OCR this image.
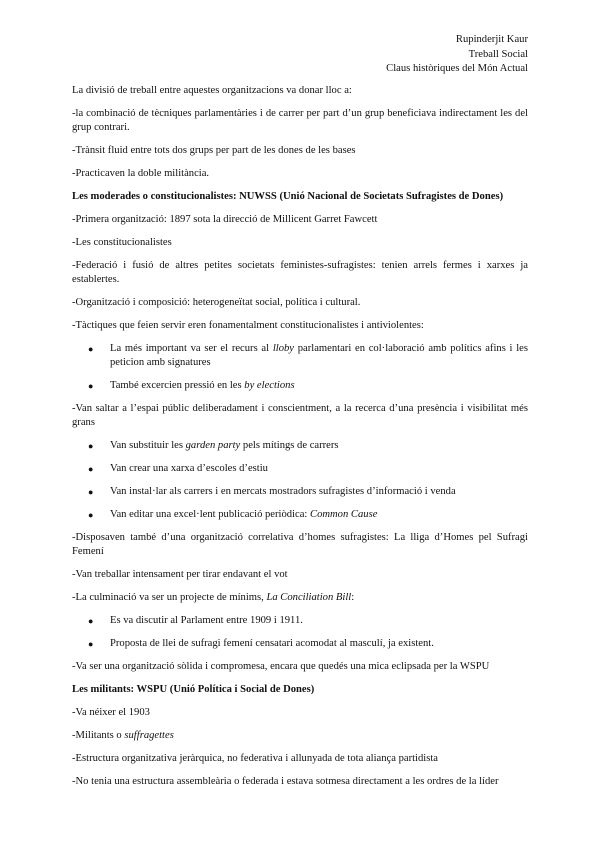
Rupinderjit Kaur
Treball Social
Claus històriques del Món Actual

La divisió de treball entre aquestes organitzacions va donar lloc a:

-la combinació de tècniques parlamentàries i de carrer per part d’un grup beneficiava indirectament les del grup contrari.

-Trànsit fluid entre tots dos grups per part de les dones de les bases

-Practicaven la doble militància.

Les moderades o constitucionalistes: NUWSS (Unió Nacional de Societats Sufragistes de Dones)

-Primera organització: 1897 sota la direcció de Millicent Garret Fawcett

-Les constitucionalistes

-Federació i fusió de altres petites societats feministes-sufragistes: tenien arrels fermes i xarxes ja establertes.

-Organització i composició: heterogeneïtat social, política i cultural.

-Tàctiques que feien servir eren fonamentalment constitucionalistes i antiviolentes:

● La més important va ser el recurs al lloby parlamentari en col·laboració amb polítics afins i les peticion amb signatures
● També excercien pressió en les by elections

-Van saltar a l’espai públic deliberadament i conscientment, a la recerca d’una presència i visibilitat més grans

● Van substituir les garden party pels mítings de carrers
● Van crear una xarxa d’escoles d’estiu
● Van instal·lar als carrers i en mercats mostradors sufragistes d’informació i venda
● Van editar una excel·lent publicació periòdica: Common Cause

-Disposaven també d’una organització correlativa d’homes sufragistes: La lliga d’Homes pel Sufragi Femení

-Van treballar intensament per tirar endavant el vot

-La culminació va ser un projecte de mínims, La Conciliation Bill:

● Es va discutir al Parlament entre 1909 i 1911.
● Proposta de llei de sufragi femení censatari acomodat al masculí, ja existent.

-Va ser una organització sòlida i compromesa, encara que quedés una mica eclipsada per la WSPU

Les militants: WSPU (Unió Política i Social de Dones)

-Va néixer el 1903

-Militants o suffragettes

-Estructura organitzativa jeràrquica, no federativa i allunyada de tota aliança partidista

-No tenia una estructura assembleària o federada i estava sotmesa directament a les ordres de la líder
